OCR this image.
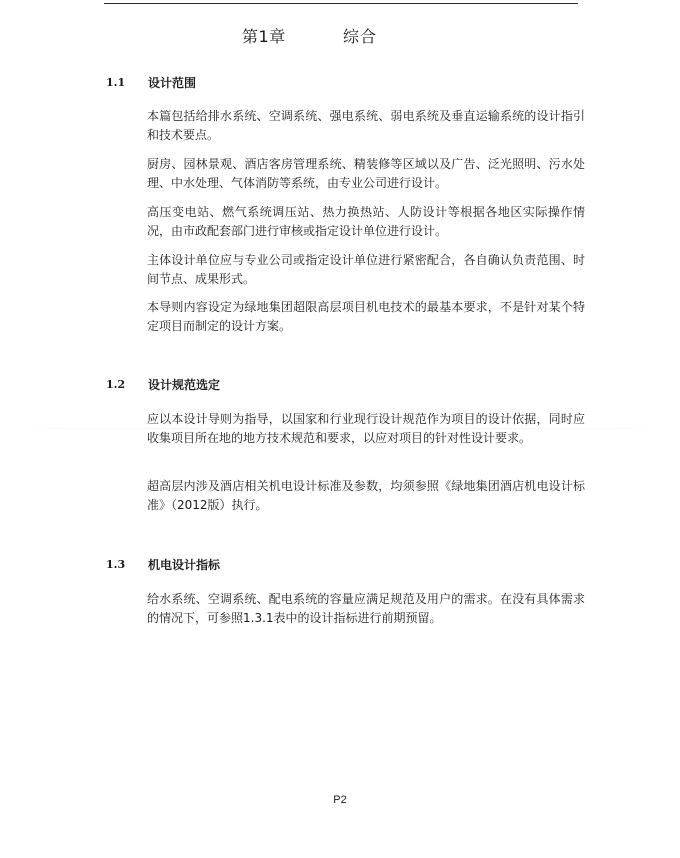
第1章	综合
1.1 设计范围

本篇包括给排水系统、空调系统、强电系统、弱电系统及垂直运输系统的设计指引和技术要点。

厨房、园林景观、酒店客房管理系统、精装修等区域以及广告、泛光照明、污水处理、中水处理、气体消防等系统，由专业公司进行设计。

高压变电站、燃气系统调压站、热力换热站、人防设计等根据各地区实际操作情况，由市政配套部门进行审核或指定设计单位进行设计。

主体设计单位应与专业公司或指定设计单位进行紧密配合，各自确认负责范围、时间节点、成果形式。

本导则内容设定为绿地集团超限高层项目机电技术的最基本要求，不是针对某个特定项目而制定的设计方案。

1.2 设计规范选定

应以本设计导则为指导，以国家和行业现行设计规范作为项目的设计依据，同时应收集项目所在地的地方技术规范和要求，以应对项目的针对性设计要求。

超高层内涉及酒店相关机电设计标准及参数，均须参照《绿地集团酒店机电设计标准》（2012版）执行。

1.3 机电设计指标

给水系统、空调系统、配电系统的容量应满足规范及用户的需求。在没有具体需求的情况下，可参照1.3.1表中的设计指标进行前期预留。

P2
